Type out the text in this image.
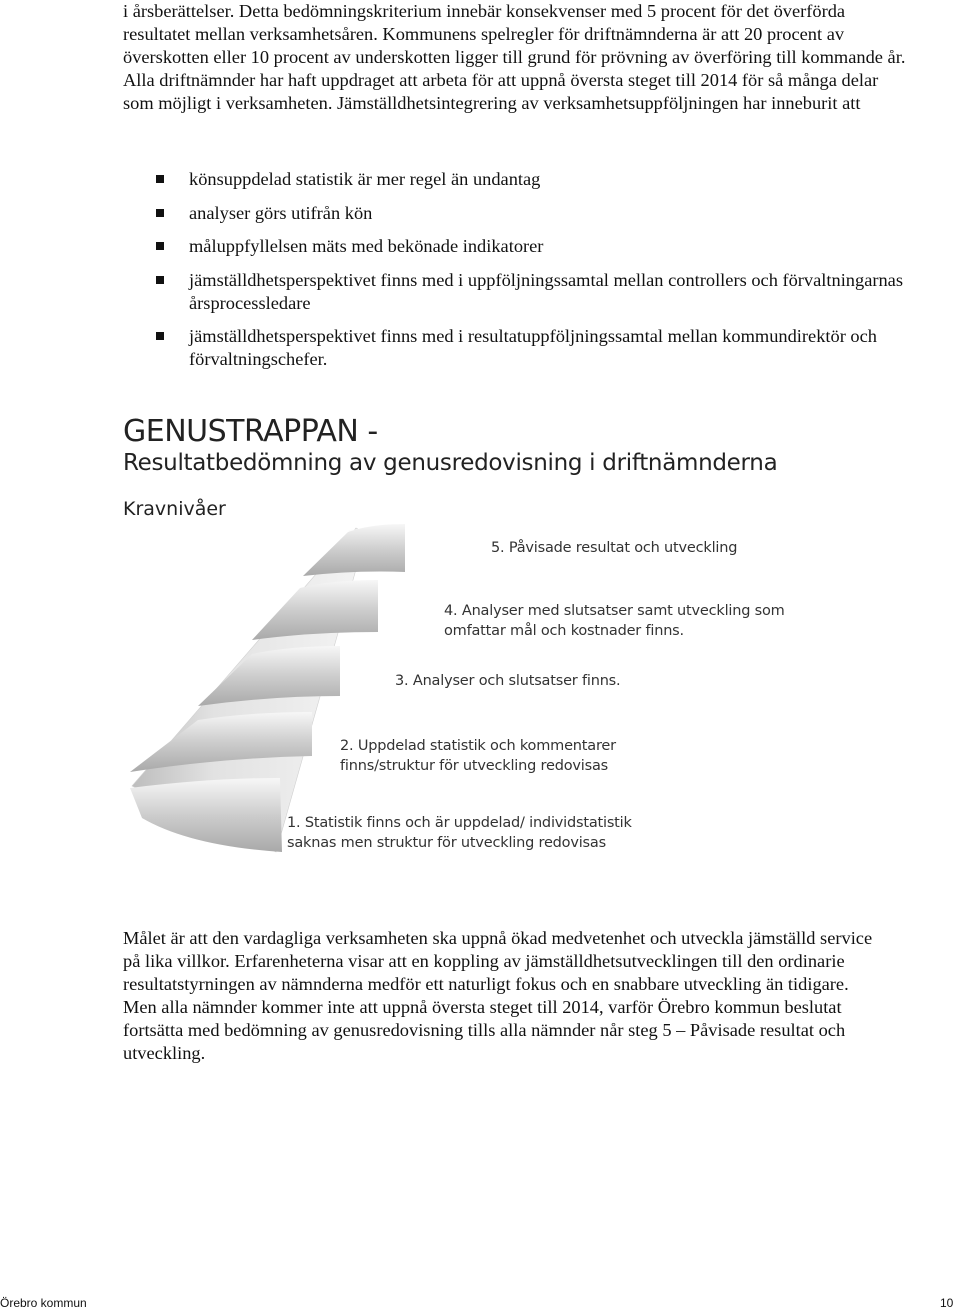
i årsberättelser. Detta bedömningskriterium innebär konsekvenser med 5 procent för det överförda resultatet mellan verksamhetsåren. Kommunens spelregler för driftnämnderna är att 20 procent av överskotten eller 10 procent av underskotten ligger till grund för prövning av överföring till kommande år. Alla driftnämnder har haft uppdraget att arbeta för att uppnå översta steget till 2014 för så många delar som möjligt i verksamheten. Jämställdhetsintegrering av verksamhetsuppföljningen har inneburit att

könsuppdelad statistik är mer regel än undantag
analyser görs utifrån kön
måluppfyllelsen mäts med bekönade indikatorer
jämställdhetsperspektivet finns med i uppföljningssamtal mellan controllers och förvaltningarnas årsprocessledare
jämställdhetsperspektivet finns med i resultatuppföljningssamtal mellan kommundirektör och förvaltningschefer.
GENUSTRAPPAN -
Resultatbedömning av genusredovisning i driftnämnderna
Kravnivåer
5. Påvisade resultat och utveckling
4. Analyser med slutsatser samt utveckling som
omfattar mål och kostnader finns.
3. Analyser och slutsatser finns.
2. Uppdelad statistik och kommentarer
finns/struktur för utveckling redovisas
1. Statistik finns och är uppdelad/ individstatistik
saknas men struktur för utveckling redovisas

Målet är att den vardagliga verksamheten ska uppnå ökad medvetenhet och utveckla jämställd service på lika villkor. Erfarenheterna visar att en koppling av jämställdhetsutvecklingen till den ordinarie resultatstyrningen av nämnderna medför ett naturligt fokus och en snabbare utveckling än tidigare. Men alla nämnder kommer inte att uppnå översta steget till 2014, varför Örebro kommun beslutat fortsätta med bedömning av genusredovisning tills alla nämnder når steg 5 – Påvisade resultat och utveckling.

Örebro kommun	10
